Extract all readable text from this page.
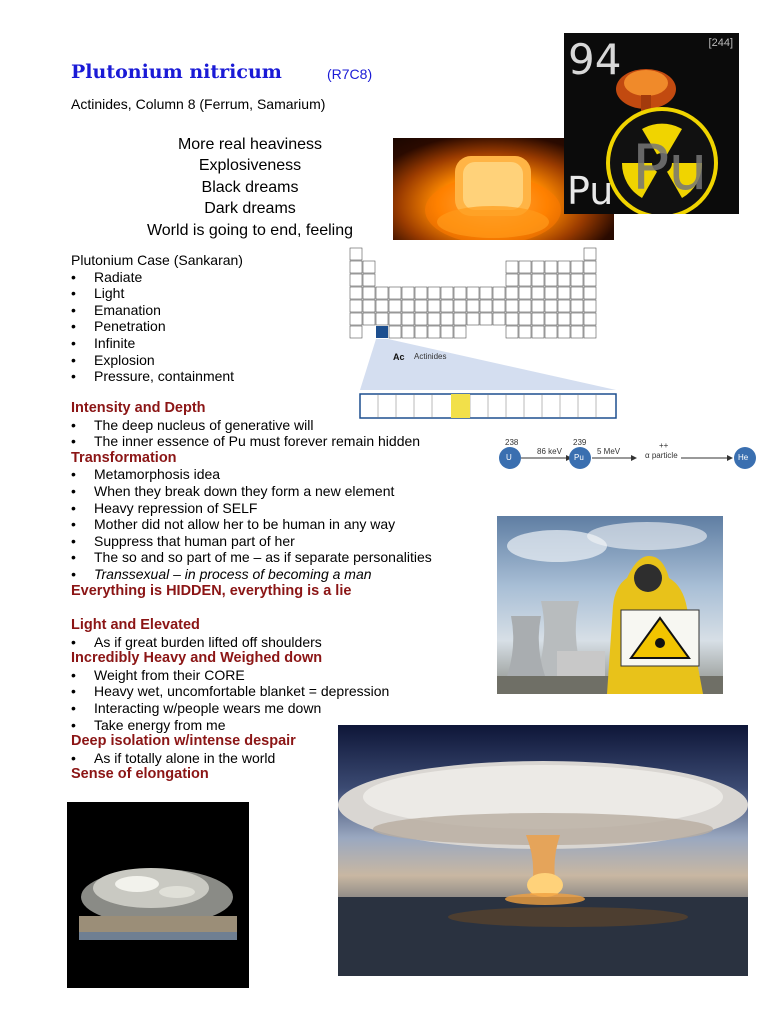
Plutonium nitricum	(R7C8)
Actinides, Column 8 (Ferrum, Samarium)
More real heaviness
Explosiveness
Black dreams
Dark dreams
World is going to end, feeling
Plutonium Case (Sankaran)
• Radiate
• Light
• Emanation
• Penetration
• Infinite
• Explosion
• Pressure, containment
Intensity and Depth
• The deep nucleus of generative will
• The inner essence of Pu must forever remain hidden
Transformation
• Metamorphosis idea
• When they break down they form a new element
• Heavy repression of SELF
• Mother did not allow her to be human in any way
• Suppress that human part of her
• The so and so part of me – as if separate personalities
• Transsexual – in process of becoming a man
Everything is HIDDEN, everything is a lie
Light and Elevated
• As if great burden lifted off shoulders
Incredibly Heavy and Weighed down
• Weight from their CORE
• Heavy wet, uncomfortable blanket = depression
• Interacting w/people wears me down
• Take energy from me
Deep isolation w/intense despair
• As if totally alone in the world
Sense of elongation
Pu
94	[244]
Pu
Actinides
Ac
238
U
86 keV
239
Pu
5 MeV
++
α particle	He
